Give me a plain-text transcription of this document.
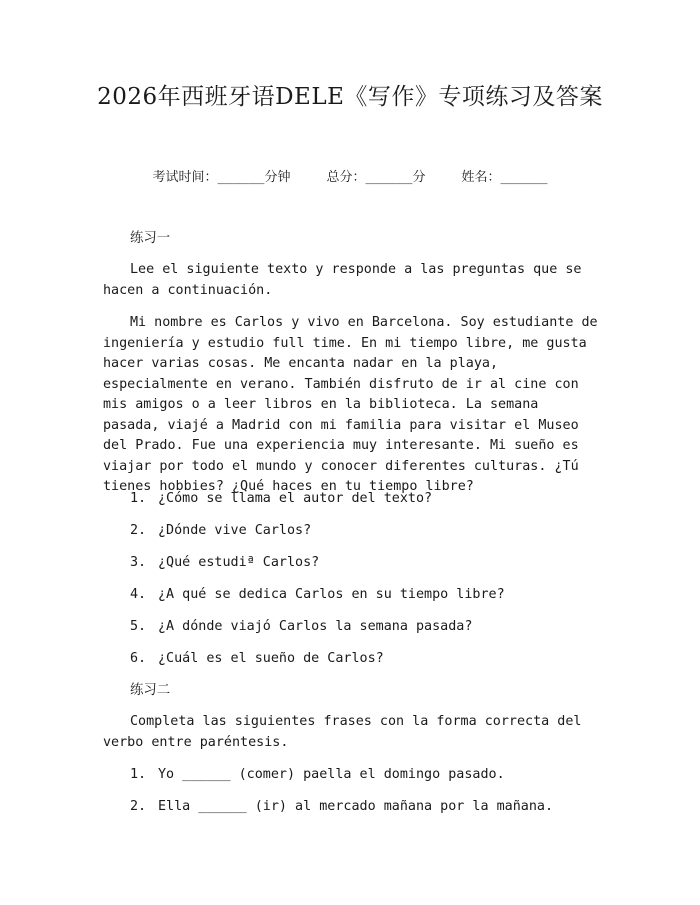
2026年西班牙语DELE《写作》专项练习及答案
考试时间：______分钟	总分：______分	姓名：______
练习一

Lee el siguiente texto y responde a las preguntas que se hacen a continuación.

Mi nombre es Carlos y vivo en Barcelona. Soy estudiante de ingeniería y estudio full time. En mi tiempo libre, me gusta hacer varias cosas. Me encanta nadar en la playa, especialmente en verano. También disfruto de ir al cine con mis amigos o a leer libros en la biblioteca. La semana pasada, viajé a Madrid con mi familia para visitar el Museo del Prado. Fue una experiencia muy interesante. Mi sueño es viajar por todo el mundo y conocer diferentes culturas. ¿Tú tienes hobbies? ¿Qué haces en tu tiempo libre?

1. ¿Cómo se llama el autor del texto?
2. ¿Dónde vive Carlos?
3. ¿Qué estudiª Carlos?
4. ¿A qué se dedica Carlos en su tiempo libre?
5. ¿A dónde viajó Carlos la semana pasada?
6. ¿Cuál es el sueño de Carlos?
练习二

Completa las siguientes frases con la forma correcta del verbo entre paréntesis.

1. Yo ______ (comer) paella el domingo pasado.
2. Ella ______ (ir) al mercado mañana por la mañana.
